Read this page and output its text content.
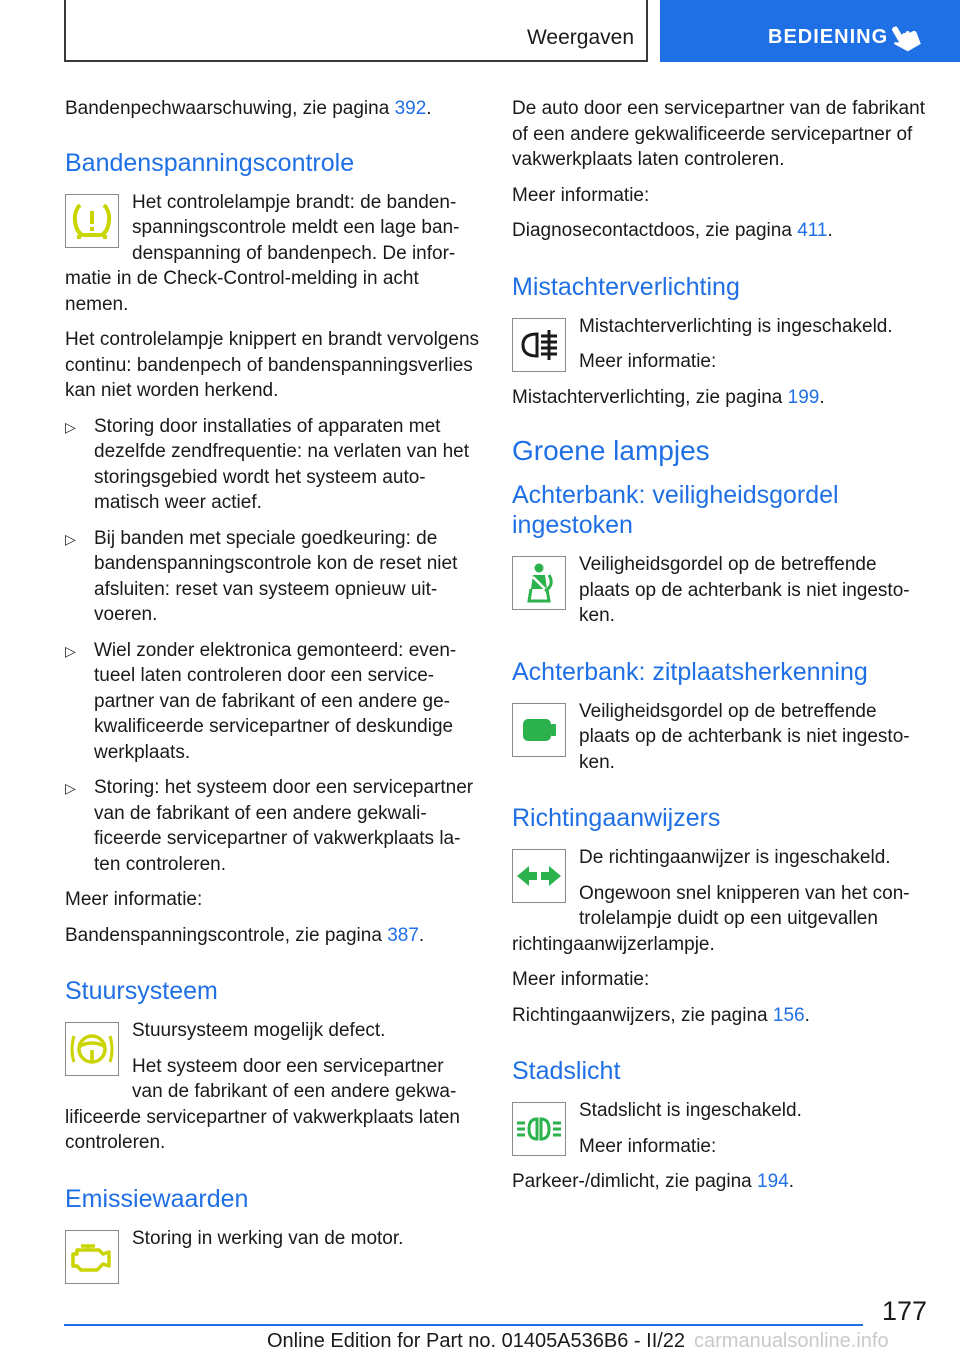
Weergaven	BEDIENING

Bandenpechwaarschuwing, zie pagina 392.

Bandenspanningscontrole

Het controlelampje brandt: de bandenspanningscontrole meldt een lage bandenspanning of bandenpech. De informatie in de Check-Control-melding in acht nemen.

Het controlelampje knippert en brandt vervolgens continu: bandenpech of bandenspanningsverlies kan niet worden herkend.

▷ Storing door installaties of apparaten met dezelfde zendfrequentie: na verlaten van het storingsgebied wordt het systeem automatisch weer actief.
▷ Bij banden met speciale goedkeuring: de bandenspanningscontrole kon de reset niet afsluiten: reset van systeem opnieuw uitvoeren.
▷ Wiel zonder elektronica gemonteerd: eventueel laten controleren door een servicepartner van de fabrikant of een andere gekwalificeerde servicepartner of deskundige werkplaats.
▷ Storing: het systeem door een servicepartner van de fabrikant of een andere gekwalificeerde servicepartner of vakwerkplaats laten controleren.

Meer informatie:

Bandenspanningscontrole, zie pagina 387.

Stuursysteem

Stuursysteem mogelijk defect.

Het systeem door een servicepartner van de fabrikant of een andere gekwalificeerde servicepartner of vakwerkplaats laten controleren.

Emissiewaarden

Storing in werking van de motor.

De auto door een servicepartner van de fabrikant of een andere gekwalificeerde servicepartner of vakwerkplaats laten controleren.

Meer informatie:

Diagnosecontactdoos, zie pagina 411.

Mistachterverlichting

Mistachterverlichting is ingeschakeld.

Meer informatie:

Mistachterverlichting, zie pagina 199.

Groene lampjes
Achterbank: veiligheidsgordel ingestoken

Veiligheidsgordel op de betreffende plaats op de achterbank is niet ingestoken.

Achterbank: zitplaatsherkenning

Veiligheidsgordel op de betreffende plaats op de achterbank is niet ingestoken.

Richtingaanwijzers

De richtingaanwijzer is ingeschakeld.

Ongewoon snel knipperen van het controlelampje duidt op een uitgevallen richtingaanwijzerlampje.

Meer informatie:

Richtingaanwijzers, zie pagina 156.

Stadslicht

Stadslicht is ingeschakeld.

Meer informatie:

Parkeer-/dimlicht, zie pagina 194.

177
Online Edition for Part no. 01405A536B6 - II/22 carmanualsonline.info
